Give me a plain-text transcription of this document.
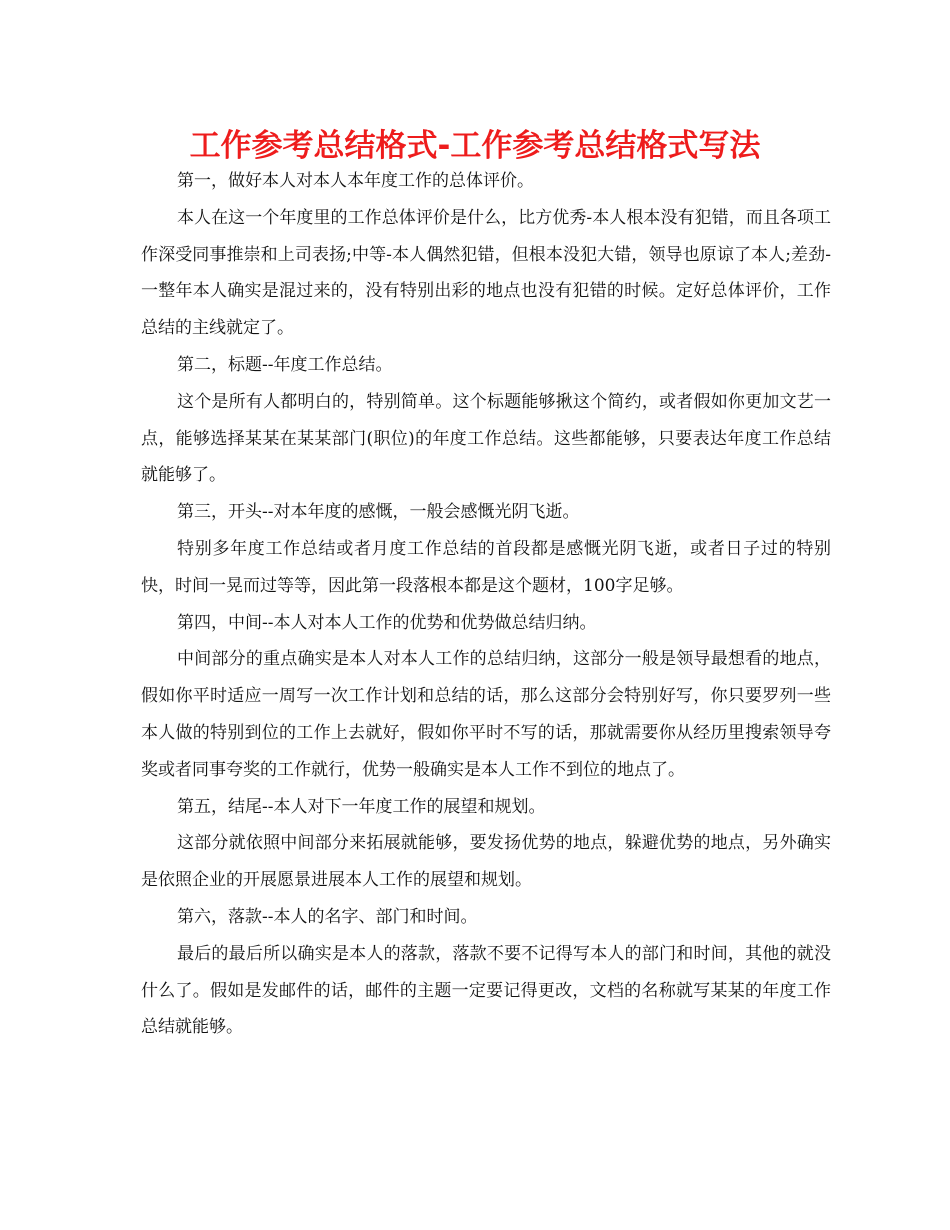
工作参考总结格式-工作参考总结格式写法

第一，做好本人对本人本年度工作的总体评价。

本人在这一个年度里的工作总体评价是什么，比方优秀-本人根本没有犯错，而且各项工作深受同事推崇和上司表扬;中等-本人偶然犯错，但根本没犯大错，领导也原谅了本人;差劲-一整年本人确实是混过来的，没有特别出彩的地点也没有犯错的时候。定好总体评价，工作总结的主线就定了。

第二，标题--年度工作总结。

这个是所有人都明白的，特别简单。这个标题能够揪这个简约，或者假如你更加文艺一点，能够选择某某在某某部门(职位)的年度工作总结。这些都能够，只要表达年度工作总结就能够了。

第三，开头--对本年度的感慨，一般会感慨光阴飞逝。

特别多年度工作总结或者月度工作总结的首段都是感慨光阴飞逝，或者日子过的特别快，时间一晃而过等等，因此第一段落根本都是这个题材，100字足够。

第四，中间--本人对本人工作的优势和优势做总结归纳。

中间部分的重点确实是本人对本人工作的总结归纳，这部分一般是领导最想看的地点，假如你平时适应一周写一次工作计划和总结的话，那么这部分会特别好写，你只要罗列一些本人做的特别到位的工作上去就好，假如你平时不写的话，那就需要你从经历里搜索领导夸奖或者同事夸奖的工作就行，优势一般确实是本人工作不到位的地点了。

第五，结尾--本人对下一年度工作的展望和规划。

这部分就依照中间部分来拓展就能够，要发扬优势的地点，躲避优势的地点，另外确实是依照企业的开展愿景进展本人工作的展望和规划。

第六，落款--本人的名字、部门和时间。

最后的最后所以确实是本人的落款，落款不要不记得写本人的部门和时间，其他的就没什么了。假如是发邮件的话，邮件的主题一定要记得更改，文档的名称就写某某的年度工作总结就能够。
